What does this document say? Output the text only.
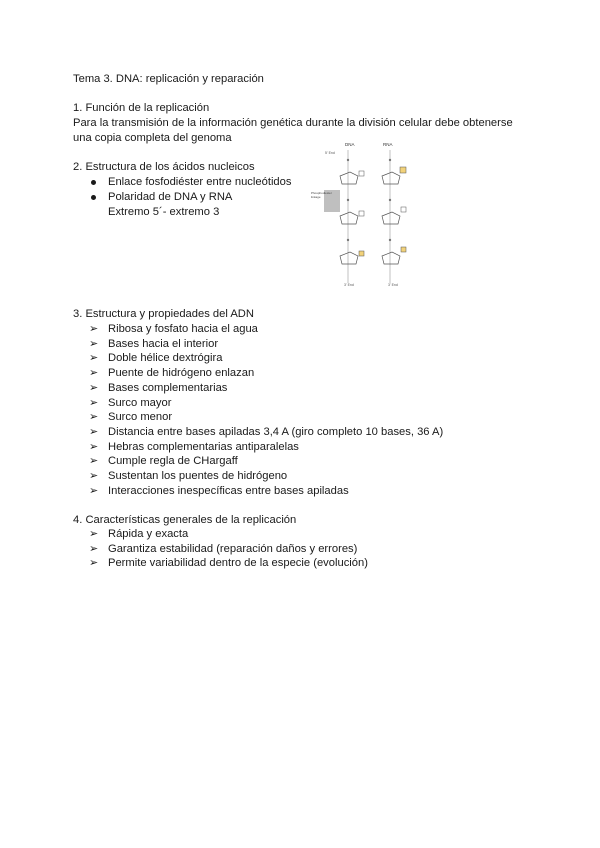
Tema 3. DNA: replicación y reparación
1. Función de la replicación
Para la transmisión de la información genética durante la división celular debe obtenerse
una copia completa del genoma
2. Estructura de los ácidos nucleicos
Enlace fosfodiéster entre nucleótidos
Polaridad de DNA y RNA
Extremo 5´- extremo 3
DNA	RNA
5' End
Phosphodiester
linkage
3' End	3' End
3. Estructura y propiedades del ADN
➢ Ribosa y fosfato hacia el agua
➢ Bases hacia el interior
➢ Doble hélice dextrógira
➢ Puente de hidrógeno enlazan
➢ Bases complementarias
➢ Surco mayor
➢ Surco menor
➢ Distancia entre bases apiladas 3,4 A (giro completo 10 bases, 36 A)
➢ Hebras complementarias antiparalelas
➢ Cumple regla de CHargaff
➢ Sustentan los puentes de hidrógeno
➢ Interacciones inespecíficas entre bases apiladas
4. Características generales de la replicación
➢ Rápida y exacta
➢ Garantiza estabilidad (reparación daños y errores)
➢ Permite variabilidad dentro de la especie (evolución)
